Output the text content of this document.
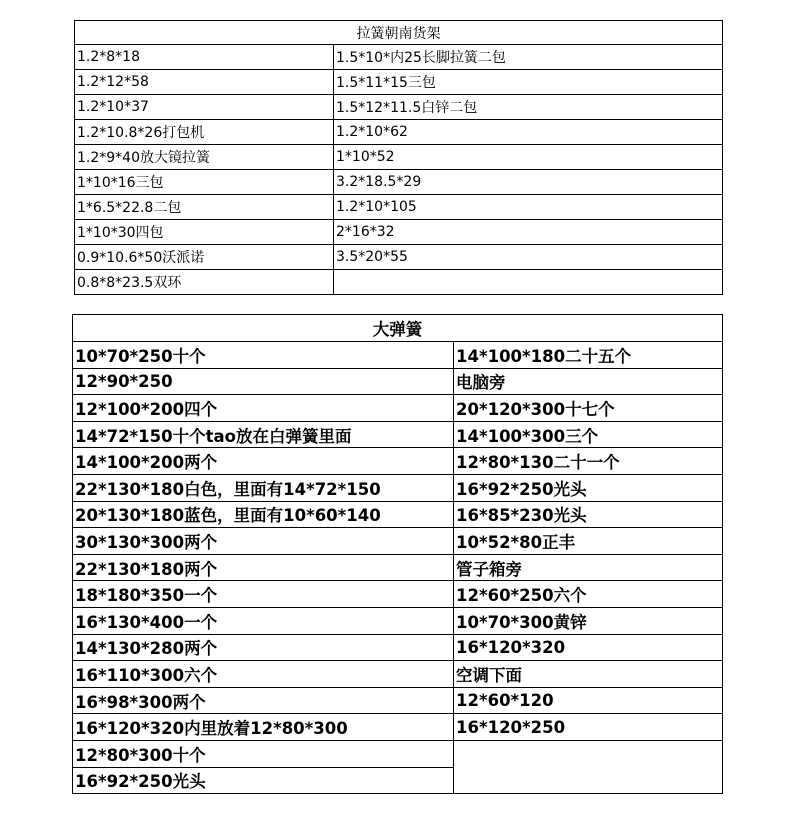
拉簧朝南货架	
1.2*8*18	1.5*10*内25长脚拉簧二包
1.2*12*58	1.5*11*15三包
1.2*10*37	1.5*12*11.5白锌二包
1.2*10.8*26打包机	1.2*10*62
1.2*9*40放大镜拉簧	1*10*52
1*10*16三包	3.2*18.5*29
1*6.5*22.8二包	1.2*10*105
1*10*30四包	2*16*32
0.9*10.6*50沃派诺	3.5*20*55
0.8*8*23.5双环	
大弹簧	
10*70*250十个	14*100*180二十五个
12*90*250	电脑旁
12*100*200四个	20*120*300十七个
14*72*150十个tao放在白弹簧里面	14*100*300三个
14*100*200两个	12*80*130二十一个
22*130*180白色，里面有14*72*150	16*92*250光头
20*130*180蓝色，里面有10*60*140	16*85*230光头
30*130*300两个	10*52*80正丰
22*130*180两个	管子箱旁
18*180*350一个	12*60*250六个
16*130*400一个	10*70*300黄锌
14*130*280两个	16*120*320
16*110*300六个	空调下面
16*98*300两个	12*60*120
16*120*320内里放着12*80*300	16*120*250
12*80*300十个	
16*92*250光头	
